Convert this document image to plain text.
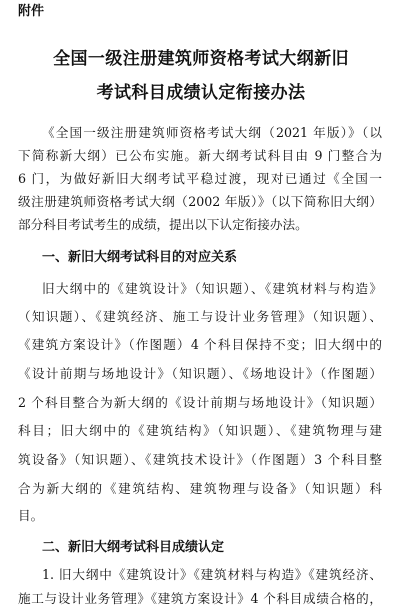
附件
全国一级注册建筑师资格考试大纲新旧
考试科目成绩认定衔接办法
《全国一级注册建筑师资格考试大纲（2021 年版）》（以
下简称新大纲）已公布实施。新大纲考试科目由 9 门整合为
6 门，为做好新旧大纲考试平稳过渡，现对已通过《全国一
级注册建筑师资格考试大纲（2002 年版）》（以下简称旧大纲）
部分科目考试考生的成绩，提出以下认定衔接办法。
一、新旧大纲考试科目的对应关系
旧大纲中的《建筑设计》（知识题）、《建筑材料与构造》
（知识题）、《建筑经济、施工与设计业务管理》（知识题）、
《建筑方案设计》（作图题）4 个科目保持不变；旧大纲中的
《设计前期与场地设计》（知识题）、《场地设计》（作图题）
2 个科目整合为新大纲的《设计前期与场地设计》（知识题）
科目；旧大纲中的《建筑结构》（知识题）、《建筑物理与建
筑设备》（知识题）、《建筑技术设计》（作图题）3 个科目整
合为新大纲的《建筑结构、建筑物理与设备》（知识题）科
目。
二、新旧大纲考试科目成绩认定
1. 旧大纲中《建筑设计》《建筑材料与构造》《建筑经济、
施工与设计业务管理》《建筑方案设计》4 个科目成绩合格的，
